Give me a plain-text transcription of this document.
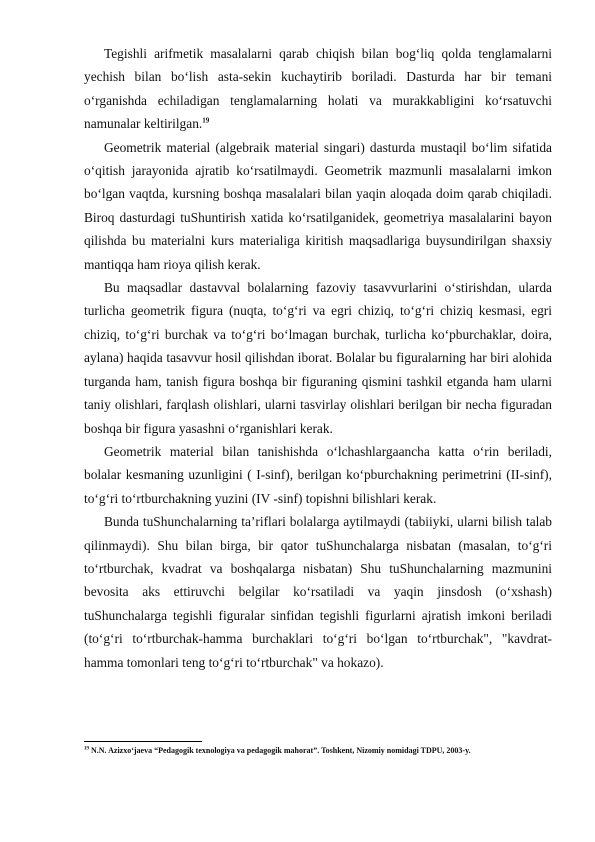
Tegishli arifmetik masalalarni qarab chiqish bilan bog‘liq qolda tenglamalarni yechish bilan bo‘lish asta-sekin kuchaytirib boriladi. Dasturda har bir temani o‘rganishda echiladigan tenglamalarning holati va murakkabligini ko‘rsatuvchi namunalar keltirilgan.$^{19}$

Geometrik material (algebraik material singari) dasturda mustaqil bo‘lim sifatida o‘qitish jarayonida ajratib ko‘rsatilmaydi. Geometrik mazmunli masalalarni imkon bo‘lgan vaqtda, kursning boshqa masalalari bilan yaqin aloqada doim qarab chiqiladi. Biroq dasturdagi tuShuntirish xatida ko‘rsatilganidek, geometriya masalalarini bayon qilishda bu materialni kurs materialiga kiritish maqsadlariga buysundirilgan shaxsiy mantiqqa ham rioya qilish kerak.

Bu maqsadlar dastavval bolalarning fazoviy tasavvurlarini o‘stirishdan, ularda turlicha geometrik figura (nuqta, to‘g‘ri va egri chiziq, to‘g‘ri chiziq kesmasi, egri chiziq, to‘g‘ri burchak va to‘g‘ri bo‘lmagan burchak, turlicha ko‘pburchaklar, doira, aylana) haqida tasavvur hosil qilishdan iborat. Bolalar bu figuralarning har biri alohida turganda ham, tanish figura boshqa bir figuraning qismini tashkil etganda ham ularni taniy olishlari, farqlash olishlari, ularni tasvirlay olishlari berilgan bir necha figuradan boshqa bir figura yasashni o‘rganishlari kerak.

Geometrik material bilan tanishishda o‘lchashlargaancha katta o‘rin beriladi, bolalar kesmaning uzunligini ( I-sinf), berilgan ko‘pburchakning perimetrini (II-sinf), to‘g‘ri to‘rtburchakning yuzini (IV -sinf) topishni bilishlari kerak.

Bunda tuShunchalarning ta’riflari bolalarga aytilmaydi (tabiiyki, ularni bilish talab qilinmaydi). Shu bilan birga, bir qator tuShunchalarga nisbatan (masalan, to‘g‘ri to‘rtburchak, kvadrat va boshqalarga nisbatan) Shu tuShunchalarning mazmunini bevosita aks ettiruvchi belgilar ko‘rsatiladi va yaqin jinsdosh (o‘xshash) tuShunchalarga tegishli figuralar sinfidan tegishli figurlarni ajratish imkoni beriladi (to‘g‘ri to‘rtburchak-hamma burchaklari to‘g‘ri bo‘lgan to‘rtburchak", "kavdrat-hamma tomonlari teng to‘g‘ri to‘rtburchak" va hokazo).

$^{19}$ N.N. Azizxo‘jaeva “Pedagogik texnologiya va pedagogik mahorat”. Toshkent, Nizomiy nomidagi TDPU, 2003-y.
